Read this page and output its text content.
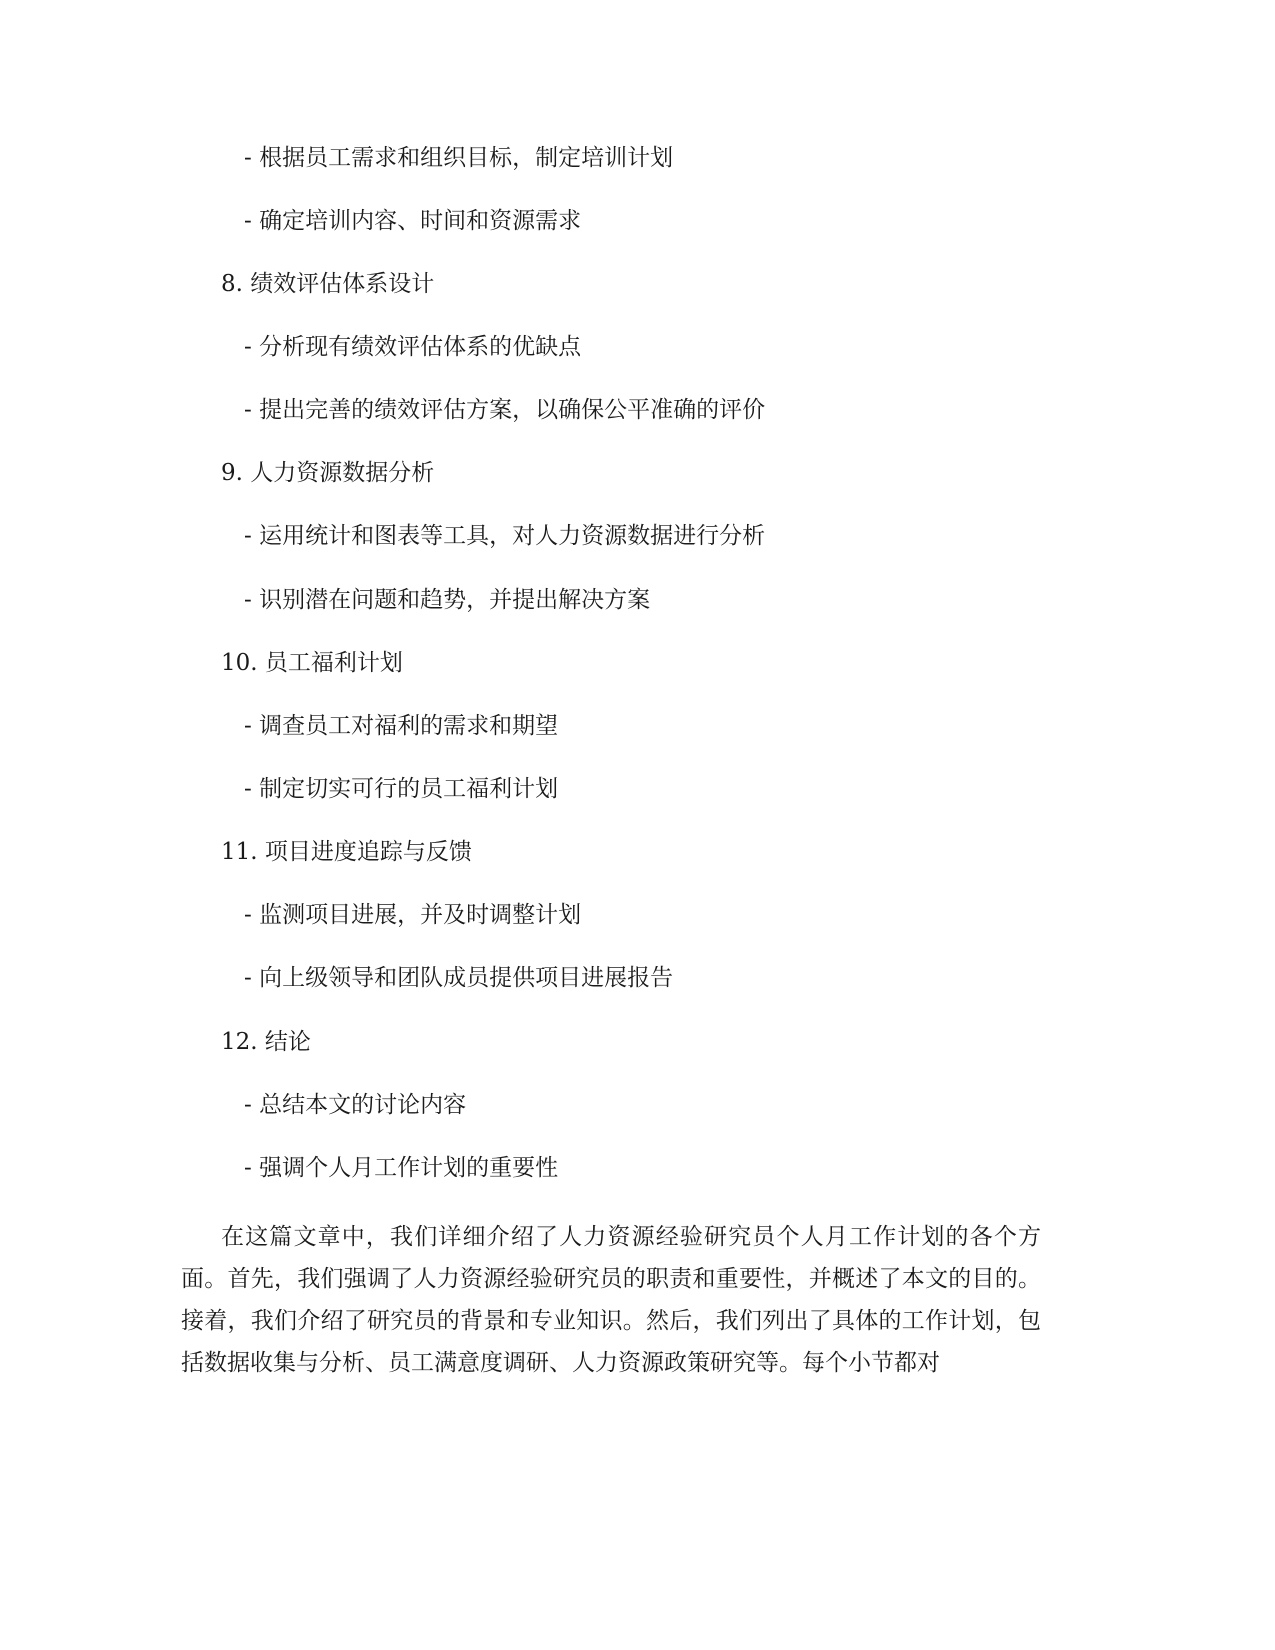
- 根据员工需求和组织目标，制定培训计划
- 确定培训内容、时间和资源需求
8. 绩效评估体系设计
- 分析现有绩效评估体系的优缺点
- 提出完善的绩效评估方案，以确保公平准确的评价
9. 人力资源数据分析
- 运用统计和图表等工具，对人力资源数据进行分析
- 识别潜在问题和趋势，并提出解决方案
10. 员工福利计划
- 调查员工对福利的需求和期望
- 制定切实可行的员工福利计划
11. 项目进度追踪与反馈
- 监测项目进展，并及时调整计划
- 向上级领导和团队成员提供项目进展报告
12. 结论
- 总结本文的讨论内容
- 强调个人月工作计划的重要性

在这篇文章中，我们详细介绍了人力资源经验研究员个人月工作计划的各个方面。首先，我们强调了人力资源经验研究员的职责和重要性，并概述了本文的目的。接着，我们介绍了研究员的背景和专业知识。然后，我们列出了具体的工作计划，包括数据收集与分析、员工满意度调研、人力资源政策研究等。每个小节都对
